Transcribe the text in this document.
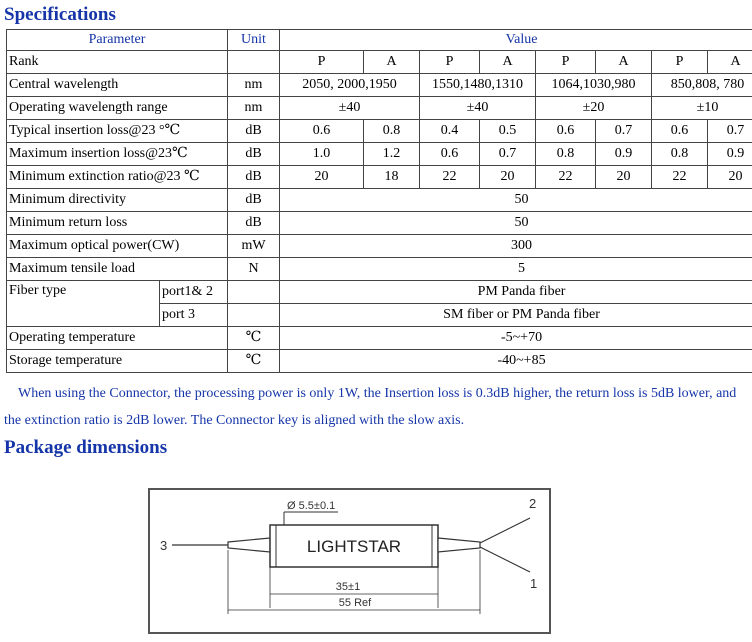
Specifications
Parameter		Unit	Value							
Rank			P	A	P	A	P	A	P	A
Central wavelength		nm	2050, 2000,1950		1550,1480,1310		1064,1030,980		850,808, 780	
Operating wavelength range		nm	±40		±40		±20		±10	
Typical insertion loss@23 °℃		dB	0.6	0.8	0.4	0.5	0.6	0.7	0.6	0.7
Maximum insertion loss@23℃		dB	1.0	1.2	0.6	0.7	0.8	0.9	0.8	0.9
Minimum extinction ratio@23 ℃		dB	20	18	22	20	22	20	22	20
Minimum directivity		dB	50							
Minimum return loss		dB	50							
Maximum optical power(CW)		mW	300							
Maximum tensile load		N	5							
Fiber type	port1& 2		PM Panda fiber							
	port 3		SM fiber or PM Panda fiber							
Operating temperature		℃	-5~+70							
Storage temperature		℃	-40~+85							
When using the Connector, the processing power is only 1W, the Insertion loss is 0.3dB higher, the return loss is 5dB lower, and
the extinction ratio is 2dB lower. The Connector key is aligned with the slow axis.
Package dimensions
Ø 5.5±0.1
LIGHTSTAR
3
2
1
35±1
55 Ref
